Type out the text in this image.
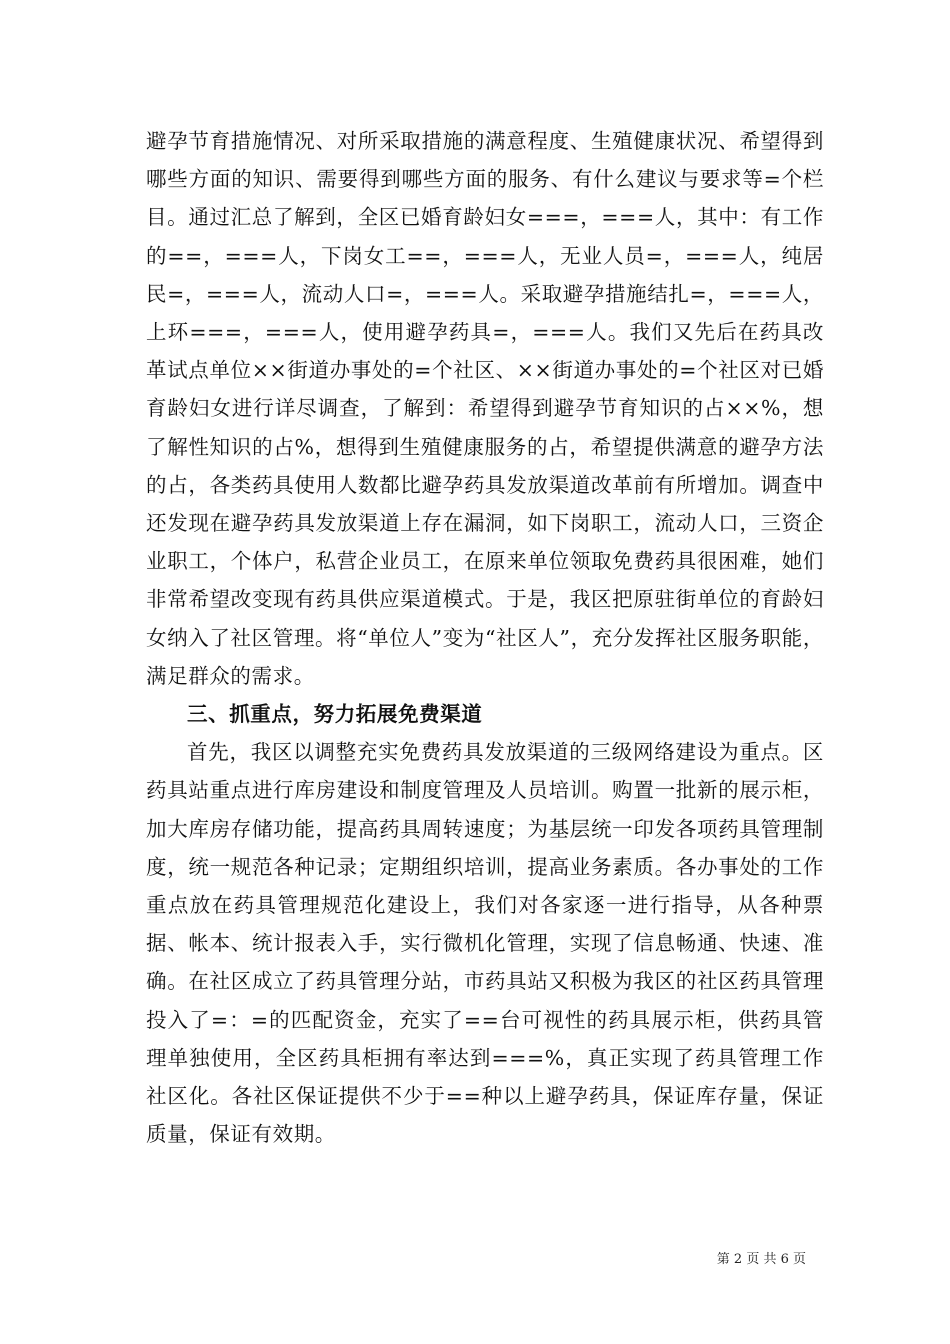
避孕节育措施情况、对所采取措施的满意程度、生殖健康状况、希望得到哪些方面的知识、需要得到哪些方面的服务、有什么建议与要求等=个栏目。通过汇总了解到，全区已婚育龄妇女===，===人，其中：有工作的==，===人，下岗女工==，===人，无业人员=，===人，纯居民=，===人，流动人口=，===人。采取避孕措施结扎=，===人，上环===，===人，使用避孕药具=，===人。我们又先后在药具改革试点单位××街道办事处的=个社区、××街道办事处的=个社区对已婚育龄妇女进行详尽调查，了解到：希望得到避孕节育知识的占××%，想了解性知识的占%，想得到生殖健康服务的占，希望提供满意的避孕方法的占，各类药具使用人数都比避孕药具发放渠道改革前有所增加。调查中还发现在避孕药具发放渠道上存在漏洞，如下岗职工，流动人口，三资企业职工，个体户，私营企业员工，在原来单位领取免费药具很困难，她们非常希望改变现有药具供应渠道模式。于是，我区把原驻街单位的育龄妇女纳入了社区管理。将“单位人”变为“社区人”，充分发挥社区服务职能，满足群众的需求。

三、抓重点，努力拓展免费渠道

首先，我区以调整充实免费药具发放渠道的三级网络建设为重点。区药具站重点进行库房建设和制度管理及人员培训。购置一批新的展示柜，加大库房存储功能，提高药具周转速度；为基层统一印发各项药具管理制度，统一规范各种记录；定期组织培训，提高业务素质。各办事处的工作重点放在药具管理规范化建设上，我们对各家逐一进行指导，从各种票据、帐本、统计报表入手，实行微机化管理，实现了信息畅通、快速、准确。在社区成立了药具管理分站，市药具站又积极为我区的社区药具管理投入了=：=的匹配资金，充实了==台可视性的药具展示柜，供药具管理单独使用，全区药具柜拥有率达到===%，真正实现了药具管理工作社区化。各社区保证提供不少于==种以上避孕药具，保证库存量，保证质量，保证有效期。

第 2 页 共 6 页
